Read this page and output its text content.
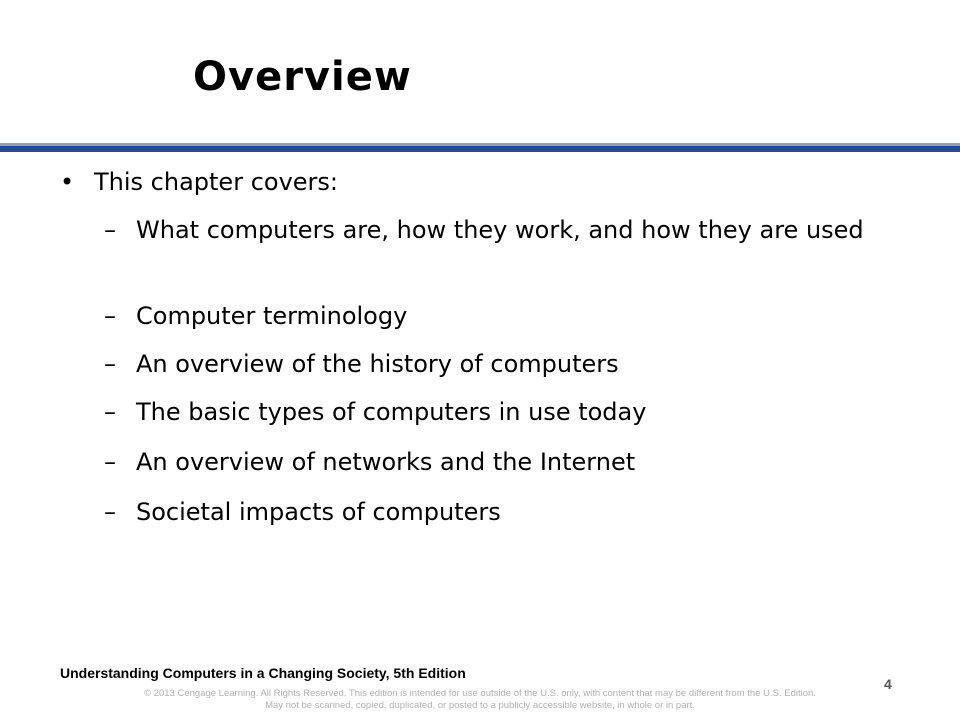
Overview
• This chapter covers:
– What computers are, how they work, and how they are used
– Computer terminology
– An overview of the history of computers
– The basic types of computers in use today
– An overview of networks and the Internet
– Societal impacts of computers
Understanding Computers in a Changing Society, 5th Edition
4
© 2013 Cengage Learning. All Rights Reserved. This edition is intended for use outside of the U.S. only, with content that may be different from the U.S. Edition.
May not be scanned, copied, duplicated, or posted to a publicly accessible website, in whole or in part.
